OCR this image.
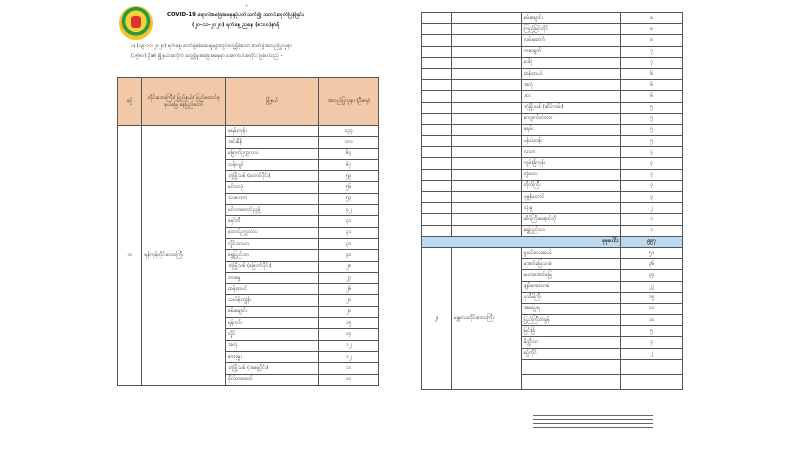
၁
COVID-19 ရောဂါအခြေအနေနှင့်ပတ်သက်၍ သတင်းထုတ်ပြန်ခြင်း
(၂၀-၁၁-၂၀၂၀) ရက်နေ့ ညနေ (၈:၀၀)နာရီ
၁။ (၁၉-၁၁-၂၀၂၀) ရက်နေ့၊ ဓာတ်ခွဲစစ်ဆေးမှုများတွင်တွေ့ရှိခဲ့သော ဓာတ်ခွဲအတည်ပြုလူနာ
(၁၅၆၀) ဦး၏ မြို့နယ်အလိုက် တွေ့ရှိမှုအခြေအနေမှာ အောက်ပါအတိုင်း ဖြစ်ပါသည် -
စဉ်	တိုင်းဒေသကြီး/ ပြည်နယ်/ ပြည်ထောင်စုနယ်မြေ နေပြည်တော်	မြို့နယ်	အတည်ပြုလူနာ (ဦးရေ)
၁။	ရန်ကုန်တိုင်းဒေသကြီး	မရမ်းကုန်း	၁၃၄
		အင်းစိန်	၁၀၀
		မြောက်ဥက္ကလာပ	၆၃
		သန်လျင်	၆၇
		ဒဂုံမြို့သစ် (တောင်ပိုင်း)	၅၉
		မင်္ဂလာဒုံ	၅၆
		သာကေတ	၅၃
		မင်္ဂလာတောင်ညွန့်	၄၂
		မှော်ဘီ	၃၁
		တောင်ဥက္ကလာပ	၃၁
		လှိုင်သာယာ	၃၁
		ရွှေပြည်သာ	၃၀
		ဒဂုံမြို့သစ် (မြောက်ပိုင်း)	၂၈
		တာမွေ	၂၇
		ထန်းတပင်	၂၆
		သင်္ဃန်းကျွန်း	၂၀
		စမ်းချောင်း	၂၀
		ရန်ကင်း	၁၅
		လှိုင်	၁၄
		အလုံ	၁၂
		ကော့မှူး	၁၂
		ဒဂုံမြို့သစ် (အရှေ့ပိုင်း)	၁၁
		ဗိုလ်တထောင်	၁၀
		စမ်းချောင်း	၈
		ကြည့်မြင်တိုင်	၈
		လမ်းမတော်	၈
		ကမာရွတ်	၇
		ဒေါပုံ	၇
		ထန်းတပင်	၆
		အလုံ	၆
		ဒလ	၆
		ဒဂုံမြို့သစ် (ဆိပ်ကမ်း)	၅
		ကျောက်တံတား	၅
		ခရမ်း	၅
		ပန်းပဲတန်း	၅
		လသာ	၄
		ကွမ်းခြံကုန်း	၄
		တွံတေး	၃
		တိုက်ကြီး	၃
		ပုဇွန်တောင်	၃
		သုံးခွ	၂
		ဆိပ်ကြီးခနောင်တို	၁
		ရွှေပြည်သာ	၁
စုစုပေါင်း			၉၉၇
၂။	မန္တလေးတိုင်းဒေသကြီး	မှုးပင်လေးဆယ်	၅၁
		အောင်မြေသာစံ	၃၆
		မဟာအောင်မြေ	၃၄
		ချမ်းအေးသာစံ	၂၂
		ပုသိမ်ကြီး	၁၅
		အမရပူရ	၁၁
		ပြည်ကြီးတံခွန်	၁၀
		မြင်းခြံ	၅
		မိတ္ထီလာ	၄
		စဉ့်ကိုင်	၂
